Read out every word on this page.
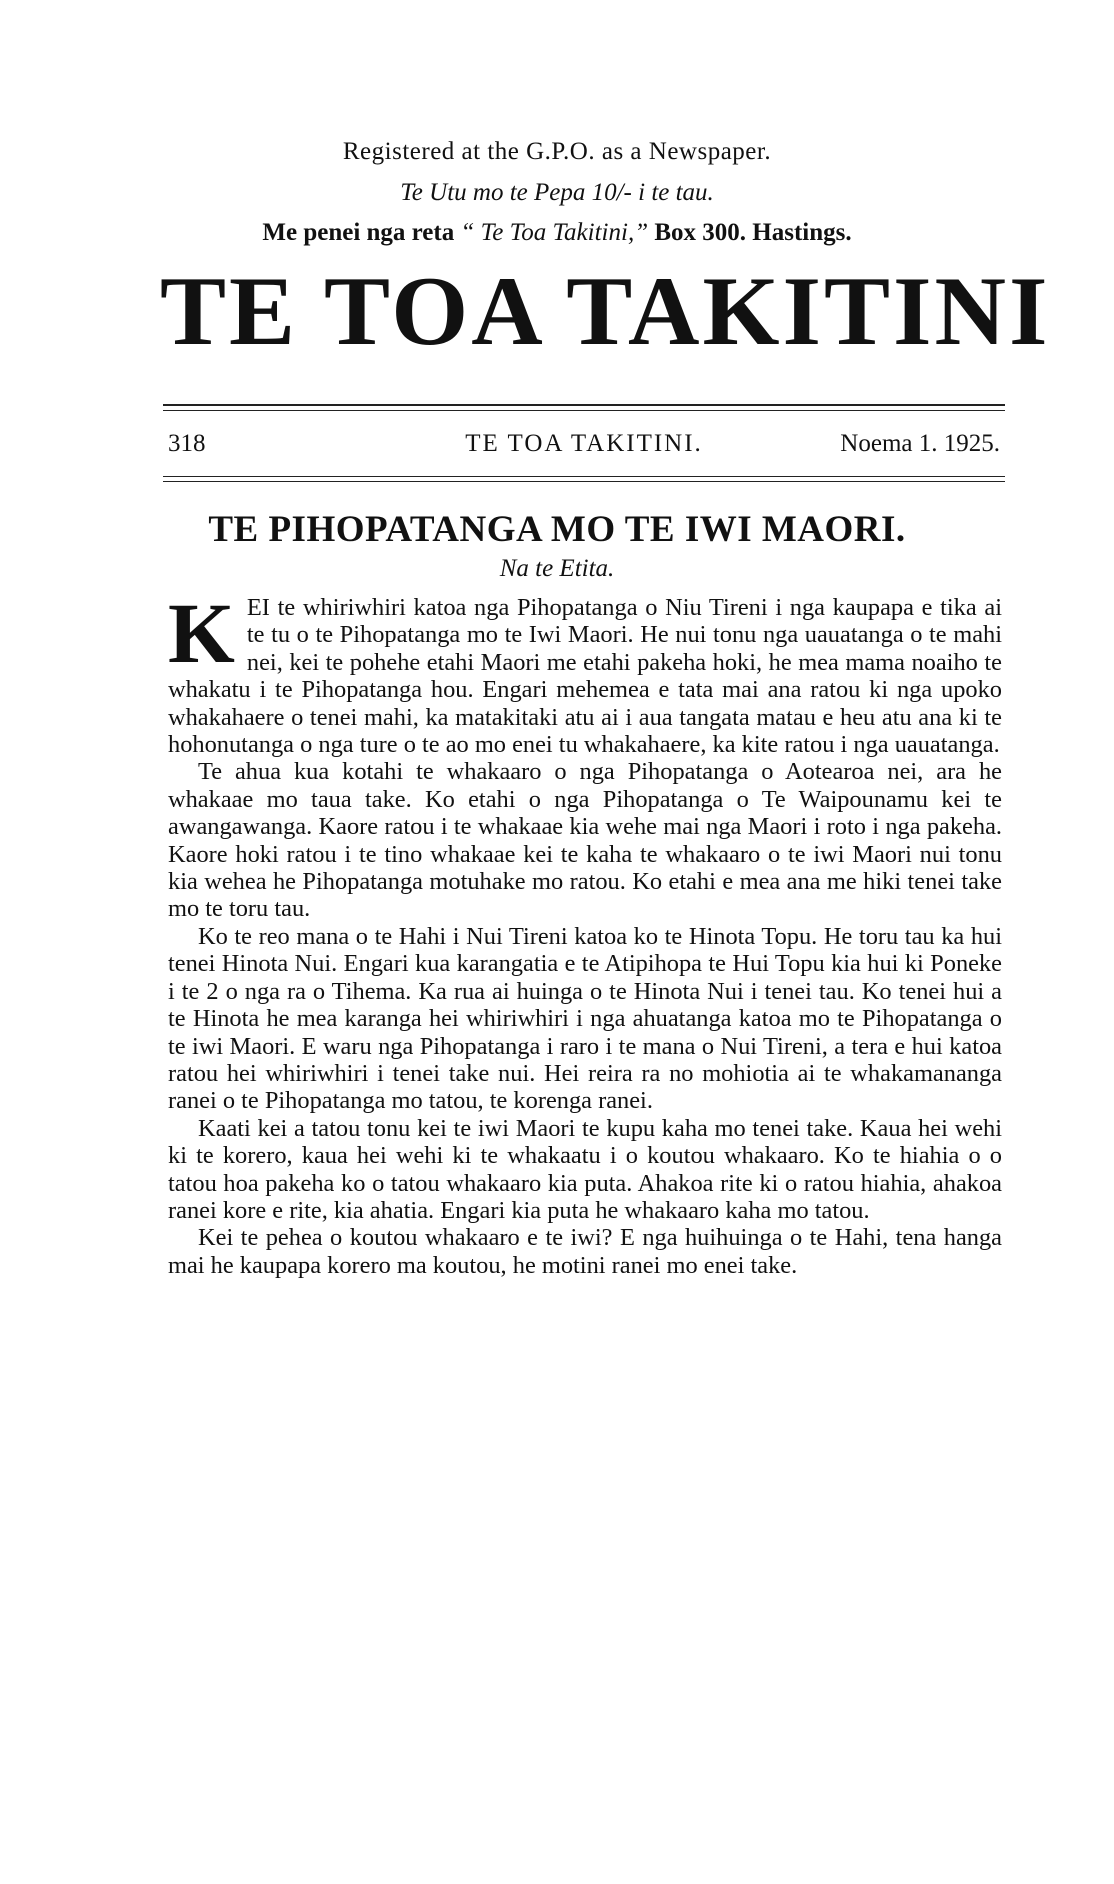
Registered at the G.P.O. as a Newspaper.
Te Utu mo te Pepa 10/- i te tau.
Me penei nga reta “ Te Toa Takitini,” Box 300. Hastings.
TE TOA TAKITINI
318	TE TOA TAKITINI.	Noema 1. 1925.
TE PIHOPATANGA MO TE IWI MAORI.
Na te Etita.

KEI te whiriwhiri katoa nga Pihopatanga o Niu Tireni i nga kaupapa e tika ai te tu o te Pihopatanga mo te Iwi Maori. He nui tonu nga uauatanga o te mahi nei, kei te pohehe etahi Maori me etahi pakeha hoki, he mea mama noaiho te whakatu i te Pihopatanga hou. Engari mehemea e tata mai ana ratou ki nga upoko whakahaere o tenei mahi, ka matakitaki atu ai i aua tangata matau e heu atu ana ki te hohonutanga o nga ture o te ao mo enei tu whakahaere, ka kite ratou i nga uauatanga.

Te ahua kua kotahi te whakaaro o nga Pihopatanga o Aotearoa nei, ara he whakaae mo taua take. Ko etahi o nga Pihopatanga o Te Waipounamu kei te awangawanga. Kaore ratou i te whakaae kia wehe mai nga Maori i roto i nga pakeha. Kaore hoki ratou i te tino whakaae kei te kaha te whakaaro o te iwi Maori nui tonu kia wehea he Pihopatanga motuhake mo ratou. Ko etahi e mea ana me hiki tenei take mo te toru tau.

Ko te reo mana o te Hahi i Nui Tireni katoa ko te Hinota Topu. He toru tau ka hui tenei Hinota Nui. Engari kua karangatia e te Atipihopa te Hui Topu kia hui ki Poneke i te 2 o nga ra o Tihema. Ka rua ai huinga o te Hinota Nui i tenei tau. Ko tenei hui a te Hinota he mea karanga hei whiriwhiri i nga ahuatanga katoa mo te Pihopatanga o te iwi Maori. E waru nga Pihopatanga i raro i te mana o Nui Tireni, a tera e hui katoa ratou hei whiriwhiri i tenei take nui. Hei reira ra no mohiotia ai te whakamananga ranei o te Pihopatanga mo tatou, te korenga ranei.

Kaati kei a tatou tonu kei te iwi Maori te kupu kaha mo tenei take. Kaua hei wehi ki te korero, kaua hei wehi ki te whakaatu i o koutou whakaaro. Ko te hiahia o o tatou hoa pakeha ko o tatou whakaaro kia puta. Ahakoa rite ki o ratou hiahia, ahakoa ranei kore e rite, kia ahatia. Engari kia puta he whakaaro kaha mo tatou.

Kei te pehea o koutou whakaaro e te iwi? E nga huihuinga o te Hahi, tena hanga mai he kaupapa korero ma koutou, he motini ranei mo enei take.
